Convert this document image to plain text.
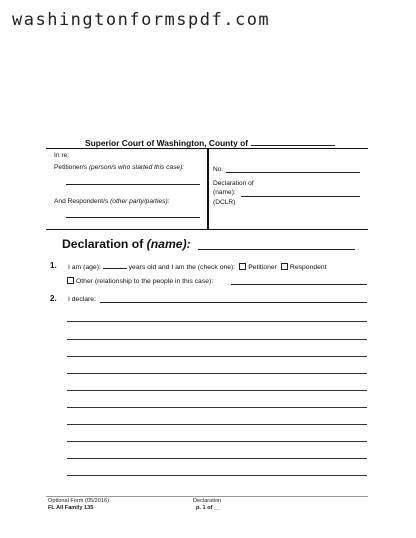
washingtonformspdf.com
Superior Court of Washington, County of
In re:
Petitioner/s (person/s who started this case):
And Respondent/s (other party/parties):
No.
Declaration of
(name):
(DCLR)
Declaration of (name):
1. I am (age):	years old and I am the (check one): Petitioner Respondent
Other (relationship to the people in this case):
2. I declare:
Optional Form (05/2016)
FL All Family 135
Declaration
p. 1 of __
